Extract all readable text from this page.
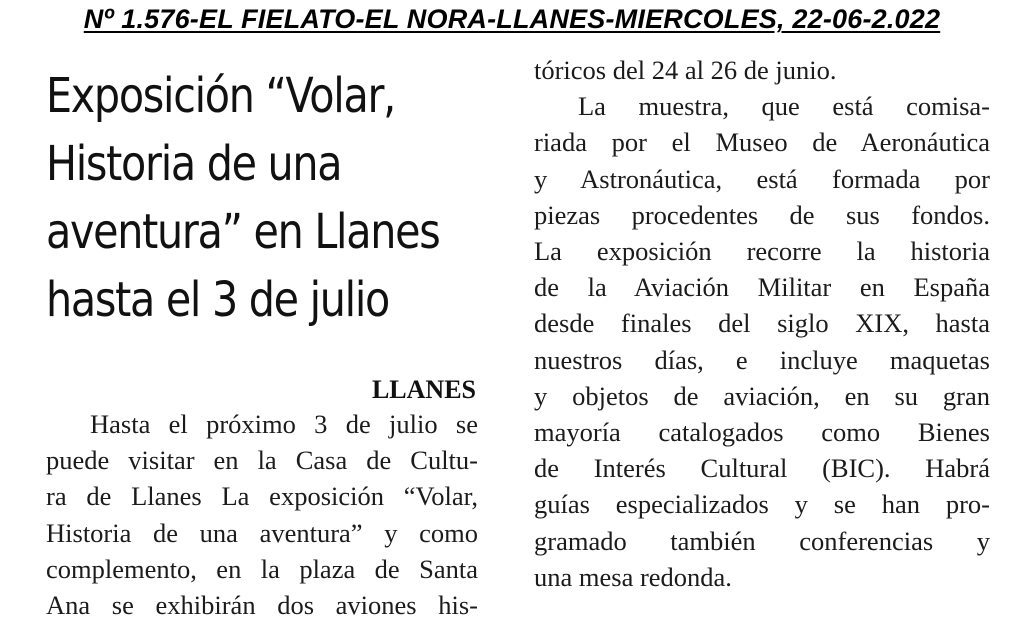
Nº 1.576-EL FIELATO-EL NORA-LLANES-MIERCOLES, 22-06-2.022
Exposición “Volar,
Historia de una
aventura” en Llanes
hasta el 3 de julio
LLANES
Hasta el próximo 3 de julio se
puede visitar en la Casa de Cultu-
ra de Llanes La exposición “Volar,
Historia de una aventura” y como
complemento, en la plaza de Santa
Ana se exhibirán dos aviones his-
tóricos del 24 al 26 de junio.
La muestra, que está comisa-
riada por el Museo de Aeronáutica
y Astronáutica, está formada por
piezas procedentes de sus fondos.
La exposición recorre la historia
de la Aviación Militar en España
desde finales del siglo XIX, hasta
nuestros días, e incluye maquetas
y objetos de aviación, en su gran
mayoría catalogados como Bienes
de Interés Cultural (BIC). Habrá
guías especializados y se han pro-
gramado también conferencias y
una mesa redonda.
